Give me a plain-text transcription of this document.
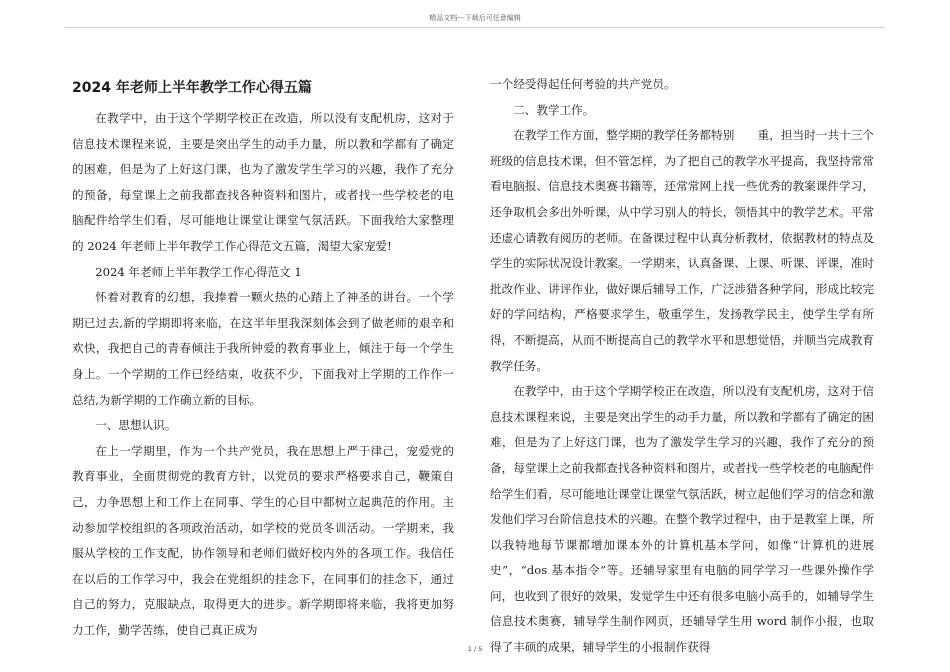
精品文档---下载后可任意编辑
2024 年老师上半年教学工作心得五篇

在教学中，由于这个学期学校正在改造，所以没有支配机房，这对于信息技术课程来说，主要是突出学生的动手力量，所以教和学都有了确定的困难，但是为了上好这门课，也为了激发学生学习的兴趣，我作了充分的预备，每堂课上之前我都查找各种资料和图片，或者找一些学校老的电脑配件给学生们看，尽可能地让课堂让课堂气氛活跃。下面我给大家整理的 2024 年老师上半年教学工作心得范文五篇，渴望大家宠爱!

2024 年老师上半年教学工作心得范文 1

怀着对教育的幻想，我捧着一颗火热的心踏上了神圣的讲台。一个学期已过去,新的学期即将来临，在这半年里我深刻体会到了做老师的艰辛和欢快，我把自己的青春倾注于我所钟爱的教育事业上，倾注于每一个学生身上。一个学期的工作已经结束，收获不少，下面我对上学期的工作作一总结,为新学期的工作确立新的目标。

一、思想认识。

在上一学期里，作为一个共产党员，我在思想上严于律己，宠爱党的教育事业，全面贯彻党的教育方针，以党员的要求严格要求自己，鞭策自己，力争思想上和工作上在同事、学生的心目中都树立起典范的作用。主动参加学校组织的各项政治活动，如学校的党员冬训活动。一学期来，我服从学校的工作支配，协作领导和老师们做好校内外的各项工作。我信任在以后的工作学习中，我会在党组织的挂念下，在同事们的挂念下，通过自己的努力，克服缺点，取得更大的进步。新学期即将来临，我将更加努力工作，勤学苦练，使自己真正成为

一个经受得起任何考验的共产党员。

二、教学工作。

在教学工作方面，整学期的教学任务都特别　　重，担当时一共十三个班级的信息技术课，但不管怎样，为了把自己的教学水平提高，我坚持常常看电脑报、信息技术奥赛书籍等，还常常网上找一些优秀的教案课件学习，还争取机会多出外听课，从中学习别人的特长，领悟其中的教学艺术。平常还虚心请教有阅历的老师。在备课过程中认真分析教材，依据教材的特点及学生的实际状况设计教案。一学期来，认真备课、上课、听课、评课，准时批改作业、讲评作业，做好课后辅导工作，广泛涉猎各种学问，形成比较完好的学问结构，严格要求学生，敬重学生，发扬教学民主，使学生学有所得，不断提高，从而不断提高自己的教学水平和思想觉悟，并顺当完成教育教学任务。

在教学中，由于这个学期学校正在改造，所以没有支配机房，这对于信息技术课程来说，主要是突出学生的动手力量，所以教和学都有了确定的困难，但是为了上好这门课，也为了激发学生学习的兴趣，我作了充分的预备，每堂课上之前我都查找各种资料和图片，或者找一些学校老的电脑配件给学生们看，尽可能地让课堂让课堂气氛活跃，树立起他们学习的信念和激发他们学习台阶信息技术的兴趣。在整个教学过程中，由于是教室上课，所以我特地每节课都增加课本外的计算机基本学问，如像“计算机的进展史”，“dos 基本指令”等。还辅导家里有电脑的同学学习一些课外操作学问，也收到了很好的效果，发觉学生中还有很多电脑小高手的，如辅导学生信息技术奥赛，辅导学生制作网页，还辅导学生用 word 制作小报，也取得了丰硕的成果，辅导学生的小报制作获得

1 / 5
